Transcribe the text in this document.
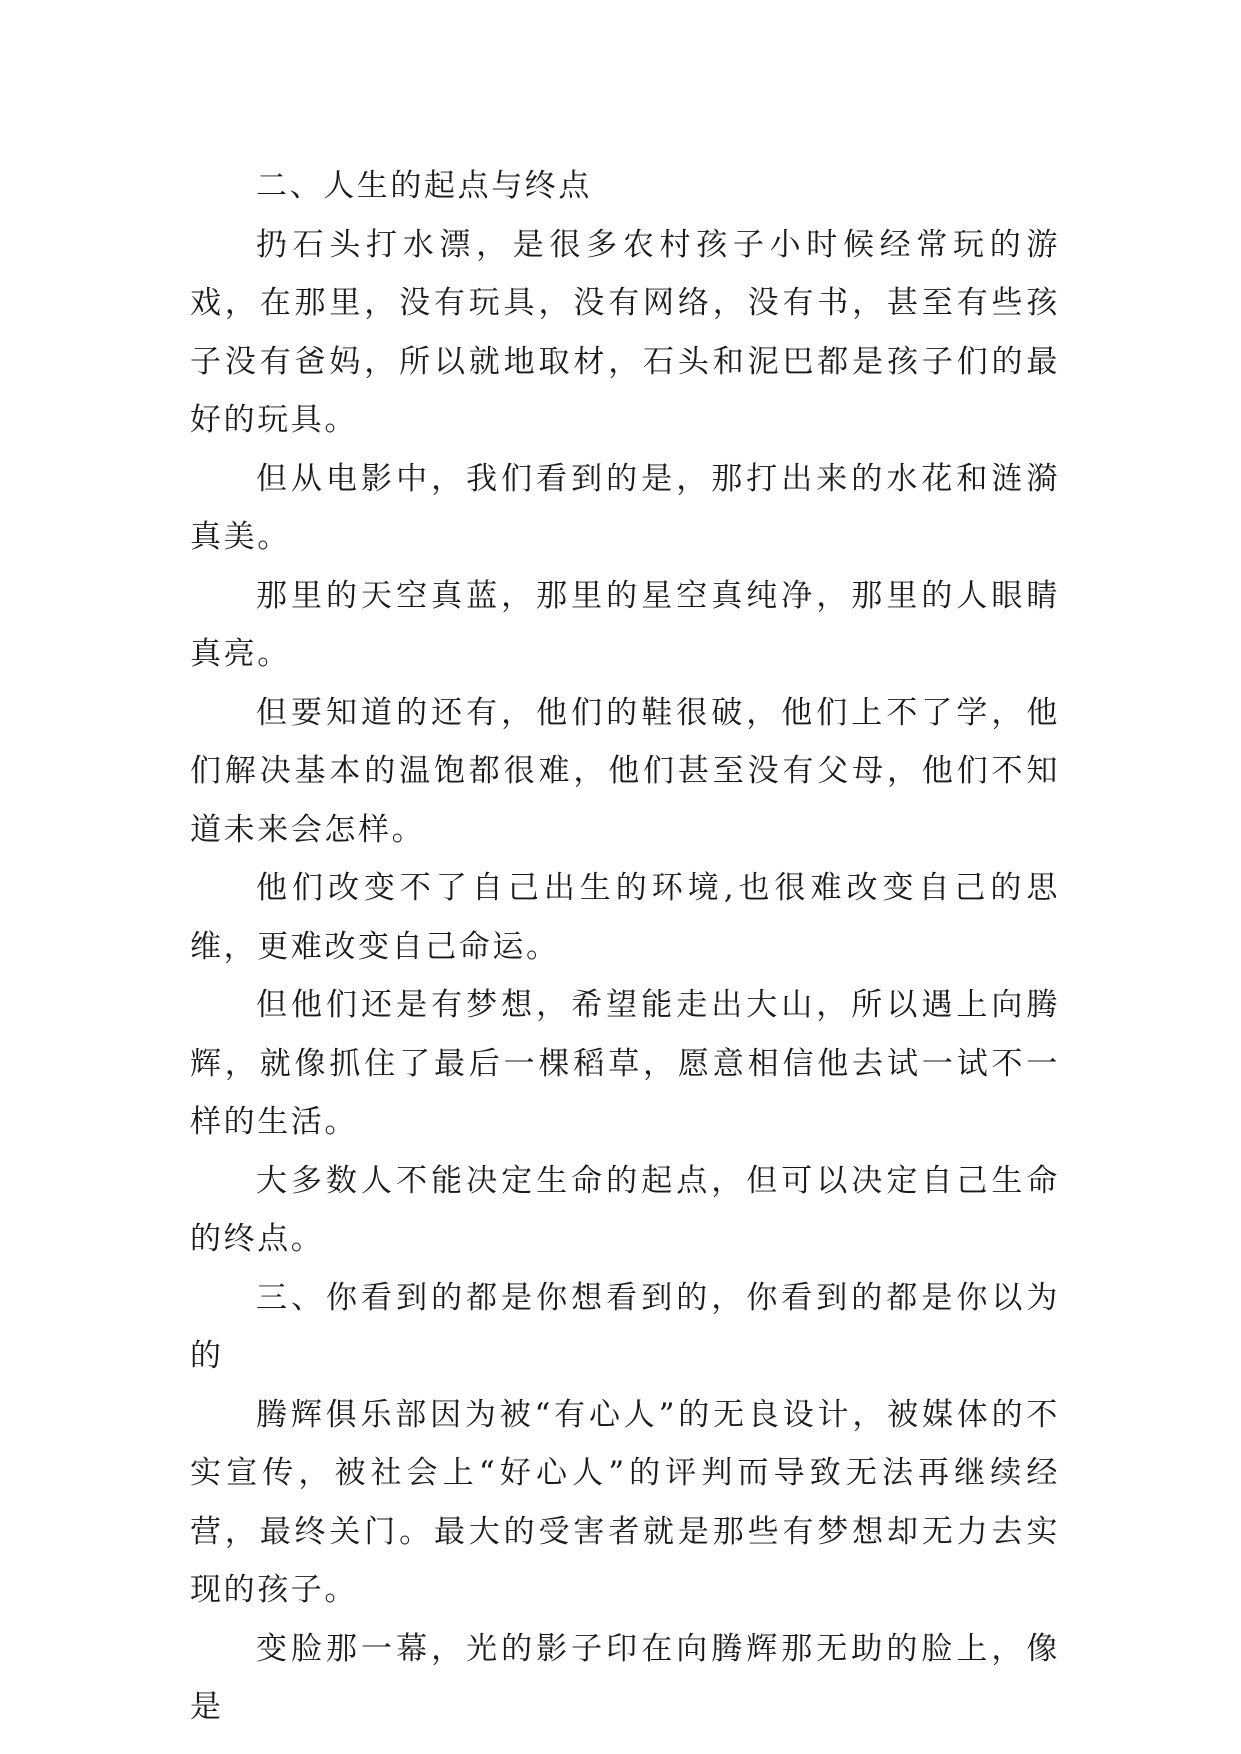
二、人生的起点与终点

扔石头打水漂，是很多农村孩子小时候经常玩的游戏，在那里，没有玩具，没有网络，没有书，甚至有些孩子没有爸妈，所以就地取材，石头和泥巴都是孩子们的最好的玩具。

但从电影中，我们看到的是，那打出来的水花和涟漪真美。

那里的天空真蓝，那里的星空真纯净，那里的人眼睛真亮。

但要知道的还有，他们的鞋很破，他们上不了学，他们解决基本的温饱都很难，他们甚至没有父母，他们不知道未来会怎样。

他们改变不了自己出生的环境,也很难改变自己的思维，更难改变自己命运。

但他们还是有梦想，希望能走出大山，所以遇上向腾辉，就像抓住了最后一棵稻草，愿意相信他去试一试不一样的生活。

大多数人不能决定生命的起点，但可以决定自己生命的终点。

三、你看到的都是你想看到的，你看到的都是你以为的

腾辉俱乐部因为被“有心人”的无良设计，被媒体的不实宣传，被社会上“好心人”的评判而导致无法再继续经营，最终关门。最大的受害者就是那些有梦想却无力去实现的孩子。

变脸那一幕，光的影子印在向腾辉那无助的脸上，像是
